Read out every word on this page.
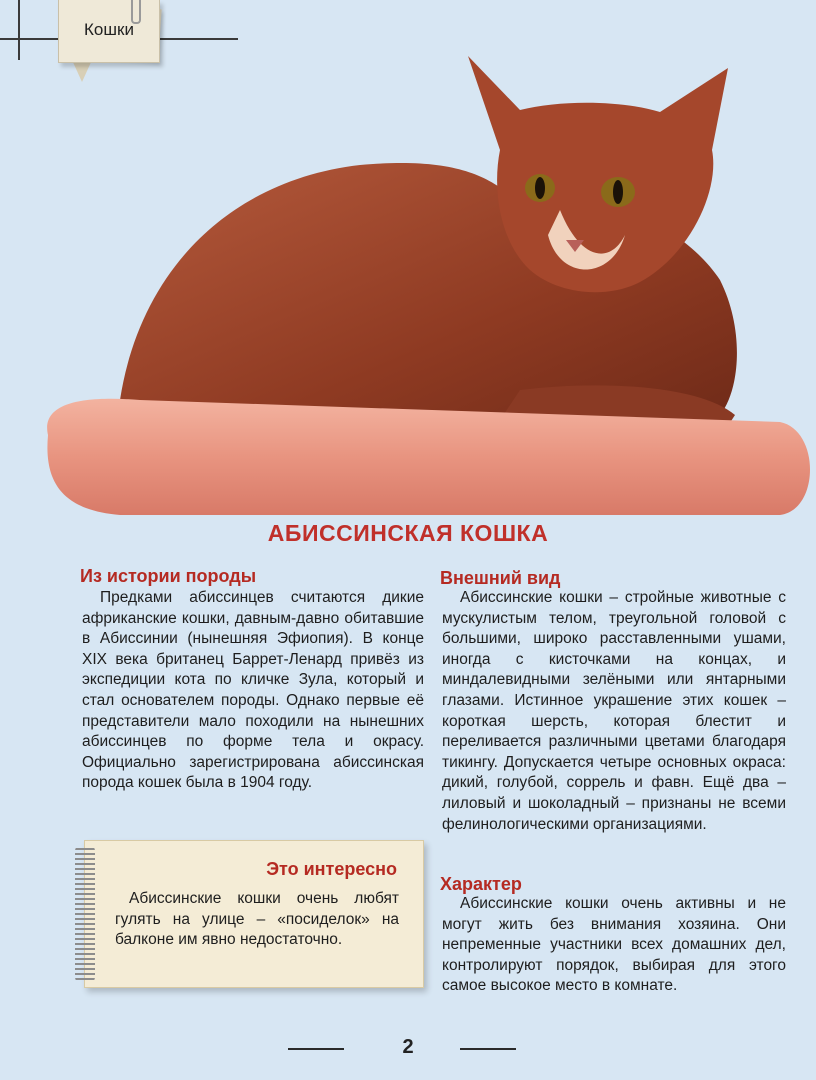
Кошки
АБИССИНСКАЯ КОШКА
Из истории породы

Предками абиссинцев считаются дикие африканские кошки, давным-давно обитавшие в Абиссинии (нынешняя Эфиопия). В конце XIX века британец Баррет-Ленард привёз из экспедиции кота по кличке Зула, который и стал основателем породы. Однако первые её представители мало походили на нынешних абиссинцев по форме тела и окрасу. Официально зарегистрирована абиссинская порода кошек была в 1904 году.

Это интересно

Абиссинские кошки очень любят гулять на улице – «посиделок» на балконе им явно недостаточно.

Внешний вид

Абиссинские кошки – стройные животные с мускулистым телом, треугольной головой с большими, широко расставленными ушами, иногда с кисточками на концах, и миндалевидными зелёными или янтарными глазами. Истинное украшение этих кошек – короткая шерсть, которая блестит и переливается различными цветами благодаря тикингу. Допускается четыре основных окраса: дикий, голубой, соррель и фавн. Ещё два – лиловый и шоколадный – признаны не всеми фелинологическими организациями.

Характер

Абиссинские кошки очень активны и не могут жить без внимания хозяина. Они непременные участники всех домашних дел, контролируют порядок, выбирая для этого самое высокое место в комнате.

2
